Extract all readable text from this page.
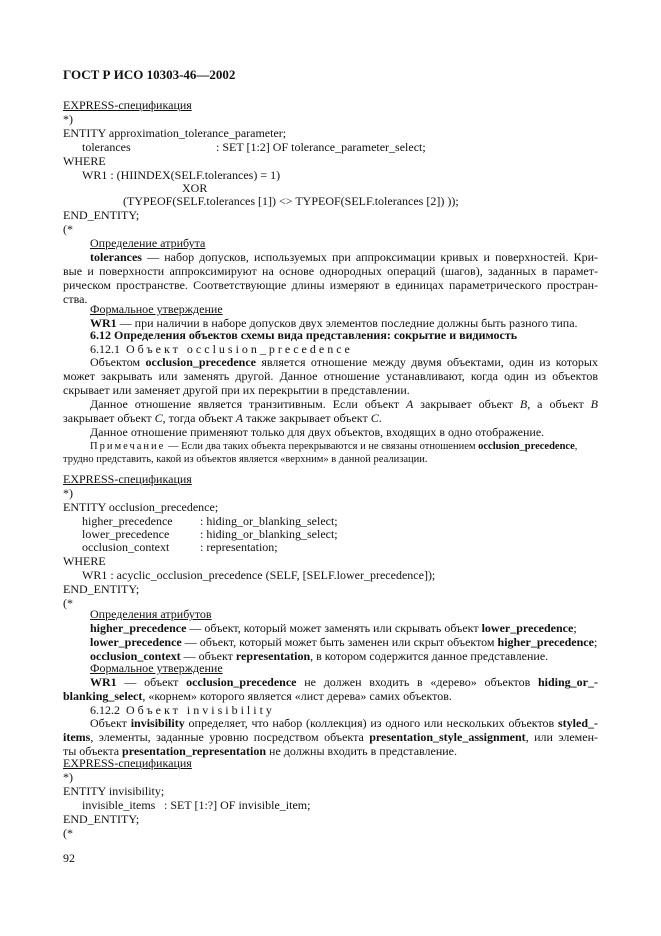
ГОСТ Р ИСО 10303-46—2002
EXPRESS-спецификация
*)
ENTITY approximation_tolerance_parameter;
tolerances	: SET [1:2] OF tolerance_parameter_select;
WHERE
WR1 : (HIINDEX(SELF.tolerances) = 1)
XOR
(TYPEOF(SELF.tolerances [1]) <> TYPEOF(SELF.tolerances [2]) ));
END_ENTITY;
(*
Определение атрибута
tolerances — набор допусков, используемых при аппроксимации кривых и поверхностей. Кри-
вые и поверхности аппроксимируют на основе однородных операций (шагов), заданных в парамет-
рическом пространстве. Соответствующие длины измеряют в единицах параметрического простран-
ства.
Формальное утверждение
WR1 — при наличии в наборе допусков двух элементов последние должны быть разного типа.
6.12 Определения объектов схемы вида представления: сокрытие и видимость
6.12.1 Объект occlusion_precedence
Объектом occlusion_precedence является отношение между двумя объектами, один из которых
может закрывать или заменять другой. Данное отношение устанавливают, когда один из объектов
скрывает или заменяет другой при их перекрытии в представлении.
Данное отношение является транзитивным. Если объект A закрывает объект B, а объект B
закрывает объект C, тогда объект A также закрывает объект C.
Данное отношение применяют только для двух объектов, входящих в одно отображение.
Примечание — Если два таких объекта перекрываются и не связаны отношением occlusion_precedence,
трудно представить, какой из объектов является «верхним» в данной реализации.
EXPRESS-спецификация
*)
ENTITY occlusion_precedence;
higher_precedence : hiding_or_blanking_select;
lower_precedence	: hiding_or_blanking_select;
occlusion_context	: representation;
WHERE
WR1 : acyclic_occlusion_precedence (SELF, [SELF.lower_precedence]);
END_ENTITY;
(*
Определения атрибутов
higher_precedence — объект, который может заменять или скрывать объект lower_precedence;
lower_precedence — объект, который может быть заменен или скрыт объектом higher_precedence;
occlusion_context — объект representation, в котором содержится данное представление.
Формальное утверждение
WR1 — объект occlusion_precedence не должен входить в «дерево» объектов hiding_or_-
blanking_select, «корнем» которого является «лист дерева» самих объектов.
6.12.2 Объект invisibility
Объект invisibility определяет, что набор (коллекция) из одного или нескольких объектов styled_-
items, элементы, заданные уровню посредством объекта presentation_style_assignment, или элемен-
ты объекта presentation_representation не должны входить в представление.
EXPRESS-спецификация
*)
ENTITY invisibility;
invisible_items : SET [1:?] OF invisible_item;
END_ENTITY;
(*
92
